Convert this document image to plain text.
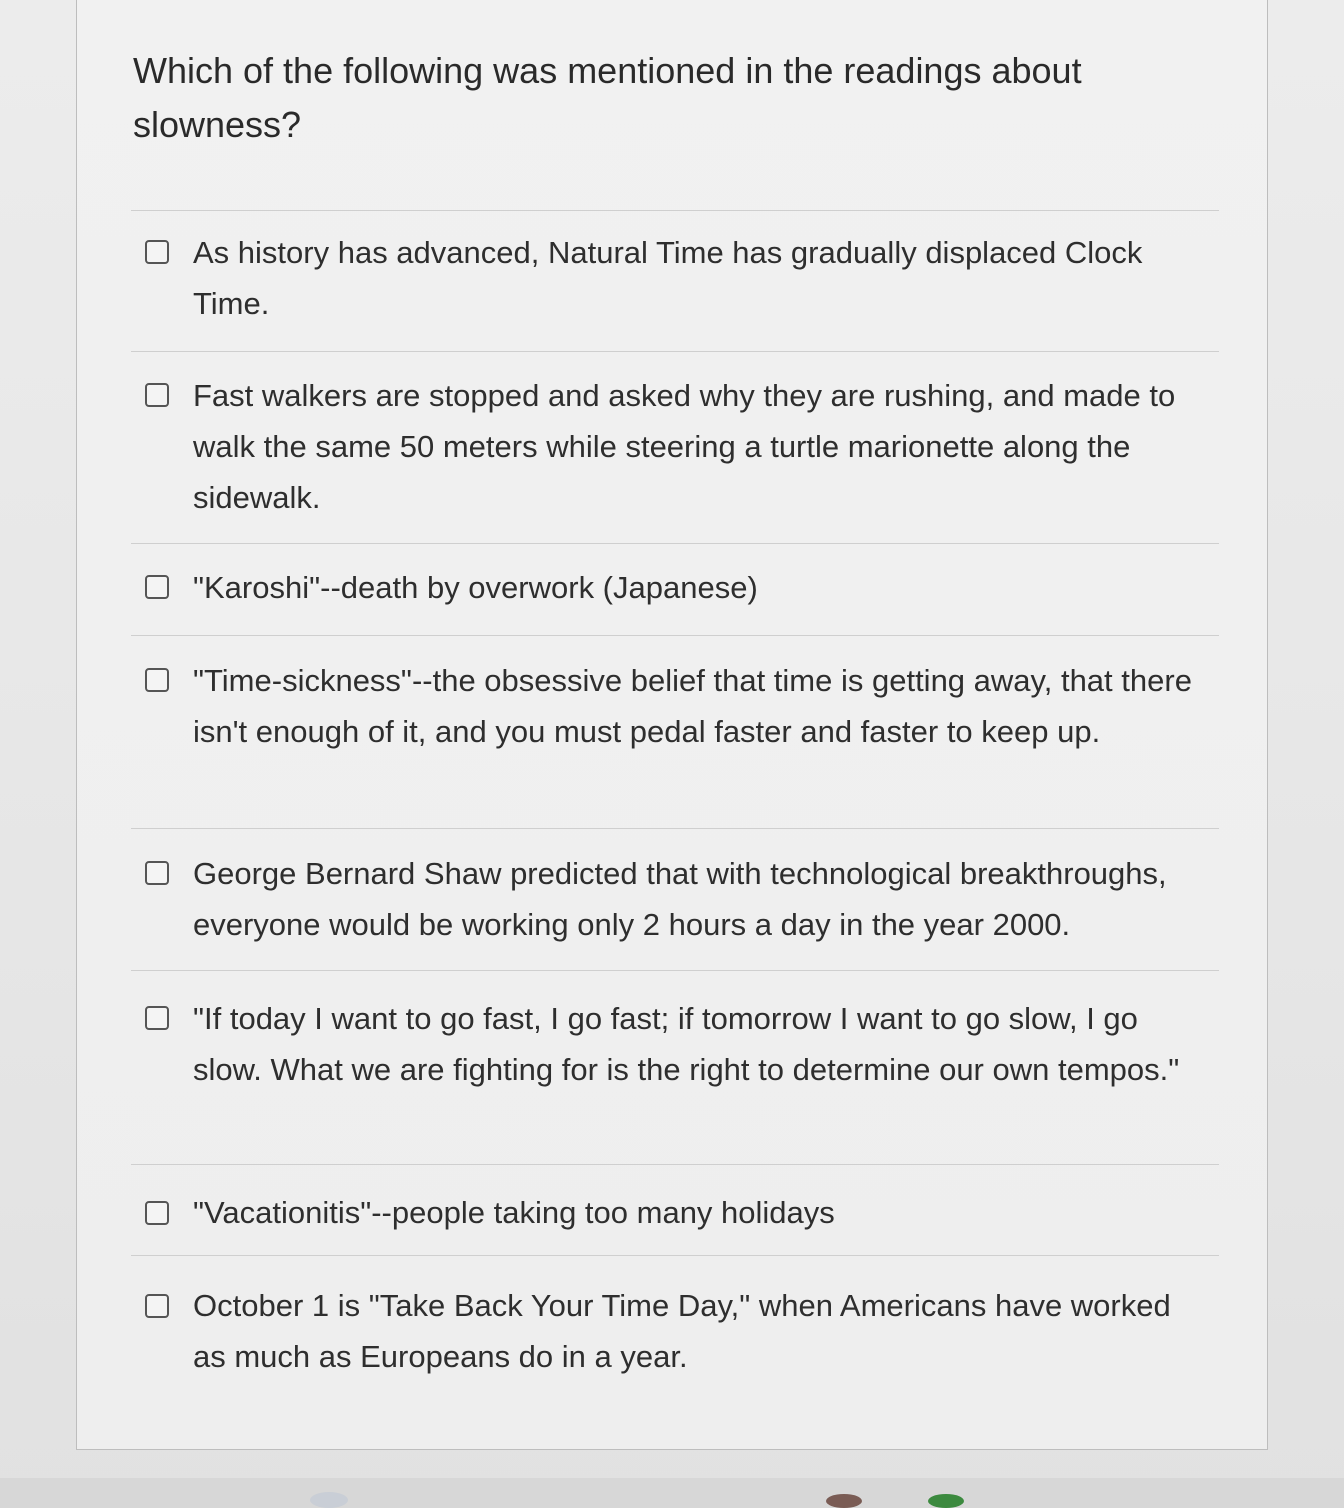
Which of the following was mentioned in the readings about slowness?
As history has advanced, Natural Time has gradually displaced Clock Time.
Fast walkers are stopped and asked why they are rushing, and made to walk the same 50 meters while steering a turtle marionette along the sidewalk.
"Karoshi"--death by overwork (Japanese)
"Time-sickness"--the obsessive belief that time is getting away, that there isn't enough of it, and you must pedal faster and faster to keep up.
George Bernard Shaw predicted that with technological breakthroughs, everyone would be working only 2 hours a day in the year 2000.
"If today I want to go fast, I go fast; if tomorrow I want to go slow, I go slow. What we are fighting for is the right to determine our own tempos."
"Vacationitis"--people taking too many holidays
October 1 is "Take Back Your Time Day," when Americans have worked as much as Europeans do in a year.
